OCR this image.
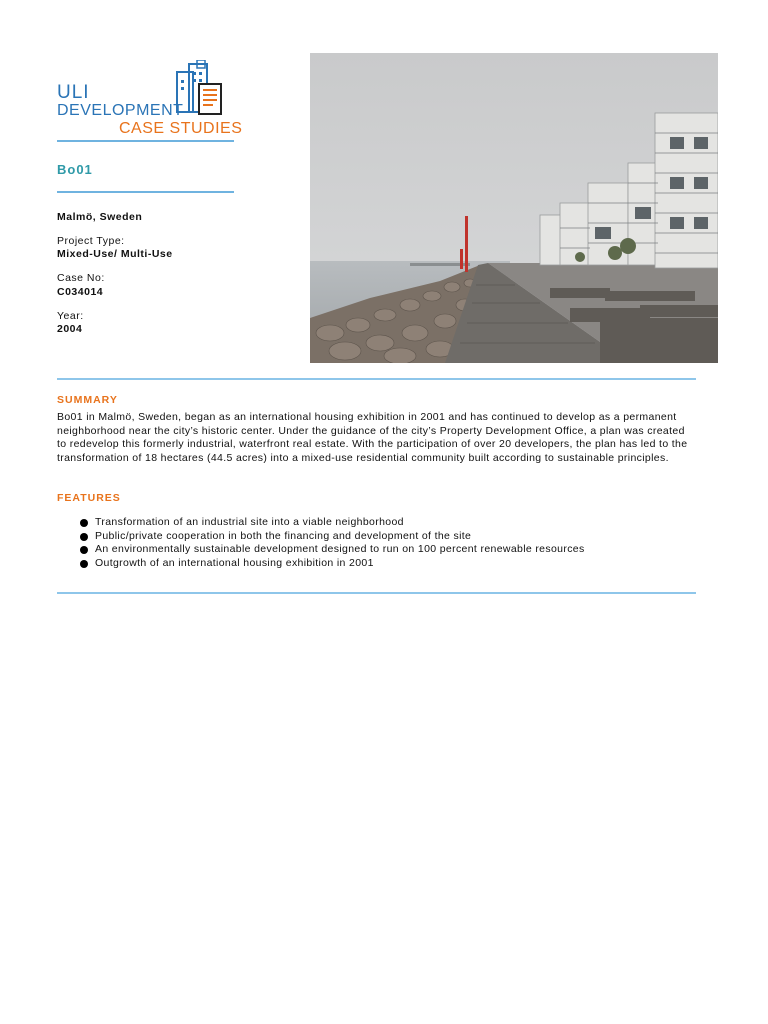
ULI
DEVELOPMENT
CASE STUDIES
Bo01
Malmö, Sweden
Project Type:
Mixed-Use/ Multi-Use
Case No:
C034014
Year:
2004
SUMMARY
Bo01 in Malmö, Sweden, began as an international housing exhibition in 2001 and has continued to develop as a permanent neighborhood near the city’s historic center. Under the guidance of the city’s Property Development Office, a plan was created to redevelop this formerly industrial, waterfront real estate. With the participation of over 20 developers, the plan has led to the transformation of 18 hectares (44.5 acres) into a mixed-use residential community built according to sustainable principles.
FEATURES
Transformation of an industrial site into a viable neighborhood
Public/private cooperation in both the financing and development of the site
An environmentally sustainable development designed to run on 100 percent renewable resources
Outgrowth of an international housing exhibition in 2001
